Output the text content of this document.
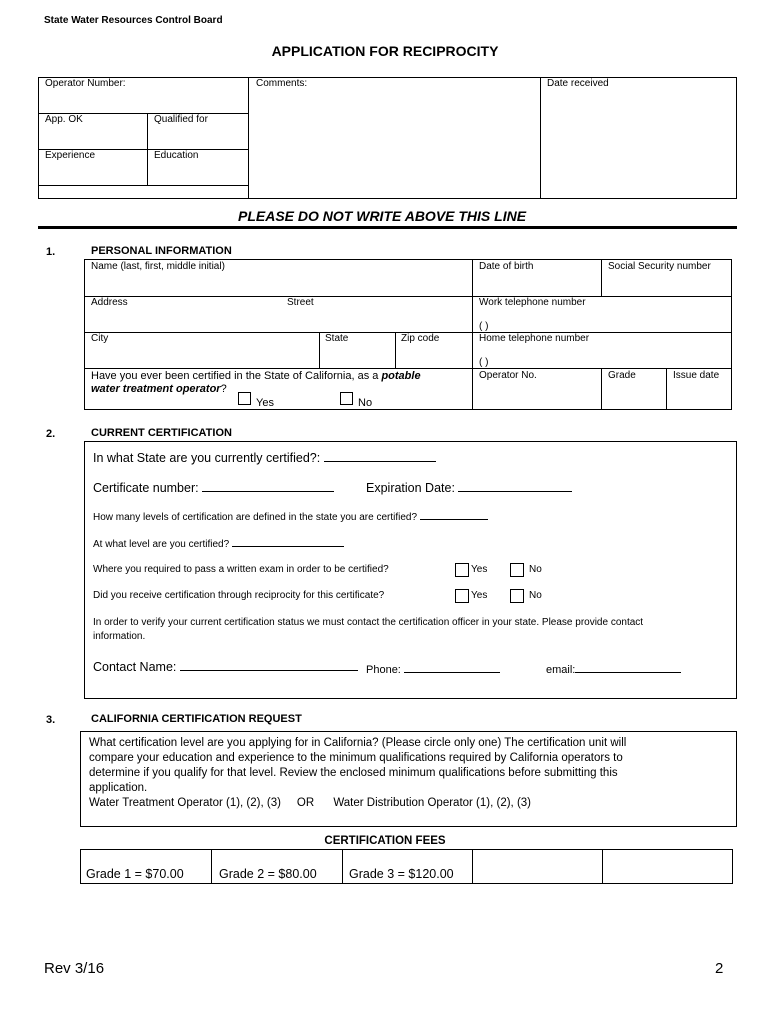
State Water Resources Control Board
APPLICATION FOR RECIPROCITY
Operator Number:	Comments:	Date received
App. OK	Qualified for
Experience	Education
PLEASE DO NOT WRITE ABOVE THIS LINE
1.	PERSONAL INFORMATION
Name (last, first, middle initial)	Date of birth	Social Security number
Address	Street	Work telephone number
( )
City	State	Zip code	Home telephone number
( )
Have you ever been certified in the State of California, as a potable
water treatment operator?
Yes	No
Operator No.	Grade	Issue date
2.	CURRENT CERTIFICATION
In what State are you currently certified?:
Certificate number:	Expiration Date:
How many levels of certification are defined in the state you are certified?
At what level are you certified?
Where you required to pass a written exam in order to be certified?	Yes	No
Did you receive certification through reciprocity for this certificate?	Yes	No
In order to verify your current certification status we must contact the certification officer in your state. Please provide contact
information.
Contact Name:	Phone:	email:
3.	CALIFORNIA CERTIFICATION REQUEST
What certification level are you applying for in California? (Please circle only one) The certification unit will
compare your education and experience to the minimum qualifications required by California operators to
determine if you qualify for that level. Review the enclosed minimum qualifications before submitting this
application.
Water Treatment Operator (1), (2), (3)     OR      Water Distribution Operator (1), (2), (3)
CERTIFICATION FEES
Grade 1 = $70.00	Grade 2 = $80.00	Grade 3 = $120.00
Rev 3/16	2
